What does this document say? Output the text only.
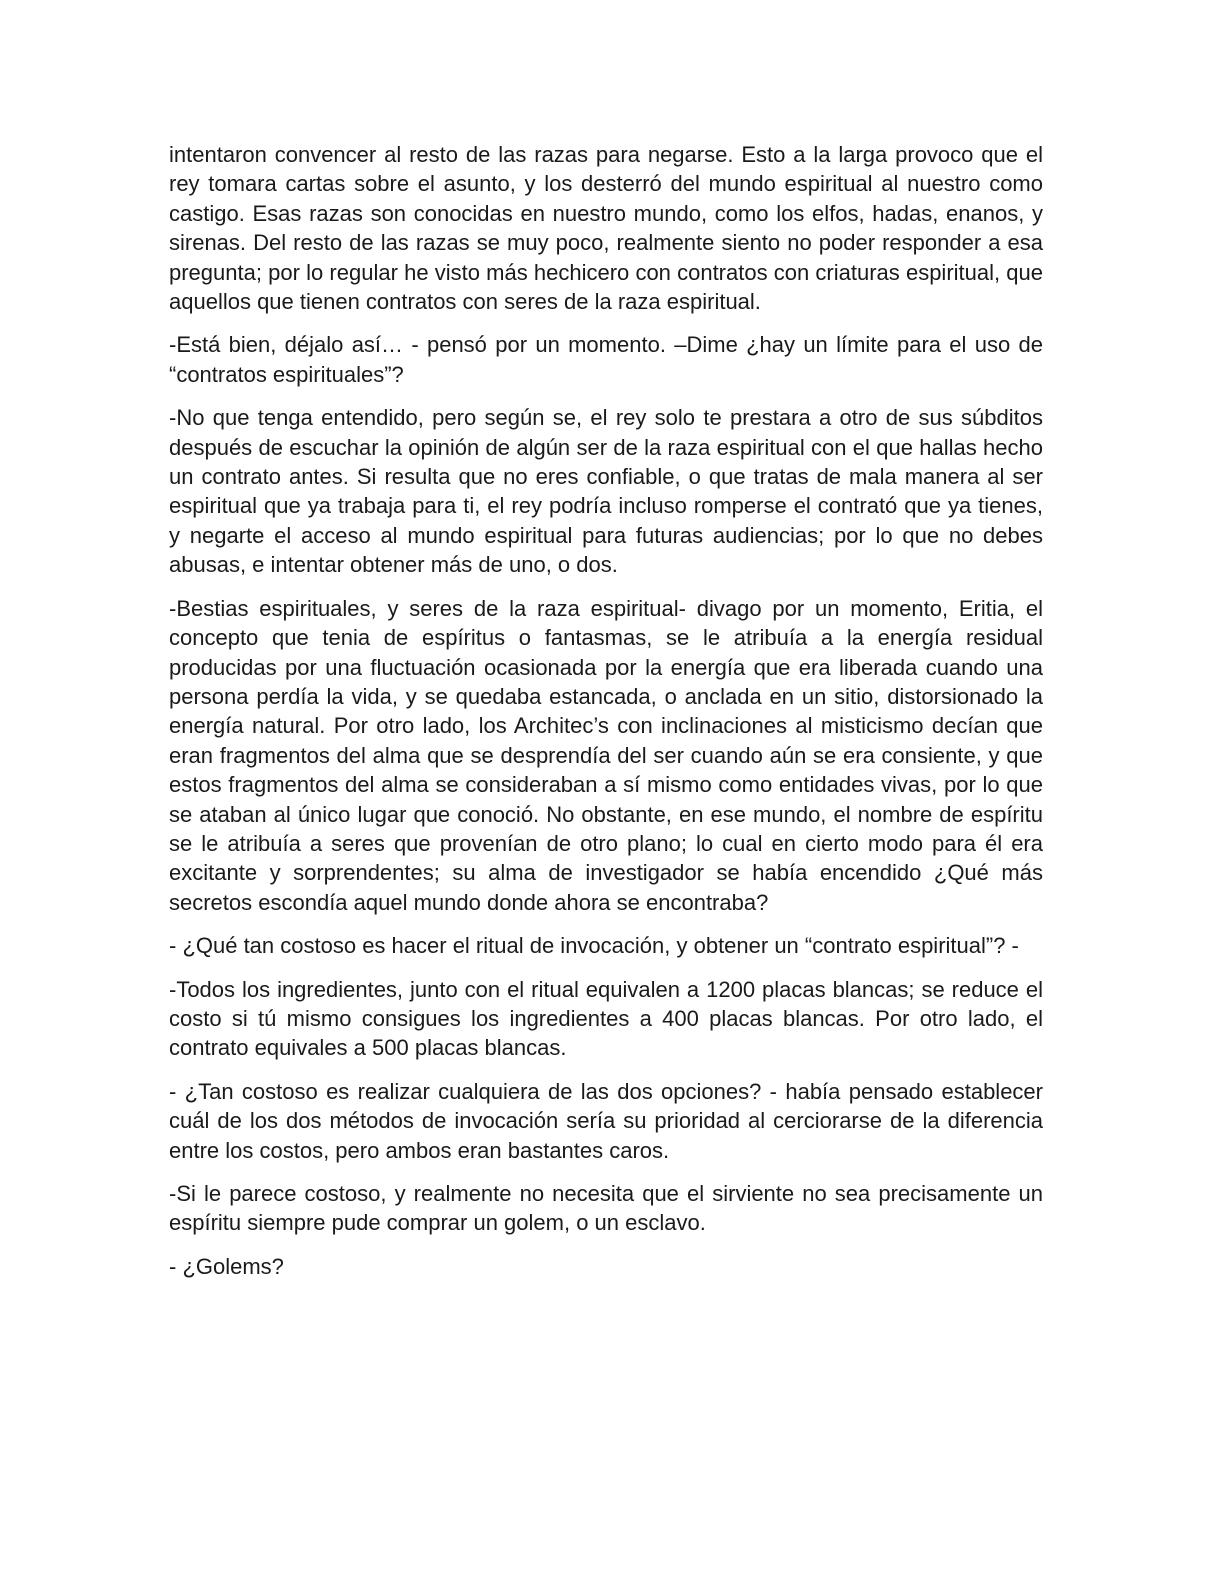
intentaron convencer al resto de las razas para negarse. Esto a la larga provoco que el rey tomara cartas sobre el asunto, y los desterró del mundo espiritual al nuestro como castigo. Esas razas son conocidas en nuestro mundo, como los elfos, hadas, enanos, y sirenas. Del resto de las razas se muy poco, realmente siento no poder responder a esa pregunta; por lo regular he visto más hechicero con contratos con criaturas espiritual, que aquellos que tienen contratos con seres de la raza espiritual.

-Está bien, déjalo así… - pensó por un momento. –Dime ¿hay un límite para el uso de “contratos espirituales”?

-No que tenga entendido, pero según se, el rey solo te prestara a otro de sus súbditos después de escuchar la opinión de algún ser de la raza espiritual con el que hallas hecho un contrato antes. Si resulta que no eres confiable, o que tratas de mala manera al ser espiritual que ya trabaja para ti, el rey podría incluso romperse el contrató que ya tienes, y negarte el acceso al mundo espiritual para futuras audiencias; por lo que no debes abusas, e intentar obtener más de uno, o dos.

-Bestias espirituales, y seres de la raza espiritual- divago por un momento, Eritia, el concepto que tenia de espíritus o fantasmas, se le atribuía a la energía residual producidas por una fluctuación ocasionada por la energía que era liberada cuando una persona perdía la vida, y se quedaba estancada, o anclada en un sitio, distorsionado la energía natural. Por otro lado, los Architec’s con inclinaciones al misticismo decían que eran fragmentos del alma que se desprendía del ser cuando aún se era consiente, y que estos fragmentos del alma se consideraban a sí mismo como entidades vivas, por lo que se ataban al único lugar que conoció. No obstante, en ese mundo, el nombre de espíritu se le atribuía a seres que provenían de otro plano; lo cual en cierto modo para él era excitante y sorprendentes; su alma de investigador se había encendido ¿Qué más secretos escondía aquel mundo donde ahora se encontraba?

- ¿Qué tan costoso es hacer el ritual de invocación, y obtener un “contrato espiritual”? -

-Todos los ingredientes, junto con el ritual equivalen a 1200 placas blancas; se reduce el costo si tú mismo consigues los ingredientes a 400 placas blancas. Por otro lado, el contrato equivales a 500 placas blancas.

- ¿Tan costoso es realizar cualquiera de las dos opciones? - había pensado establecer cuál de los dos métodos de invocación sería su prioridad al cerciorarse de la diferencia entre los costos, pero ambos eran bastantes caros.

-Si le parece costoso, y realmente no necesita que el sirviente no sea precisamente un espíritu siempre pude comprar un golem, o un esclavo.

- ¿Golems?
